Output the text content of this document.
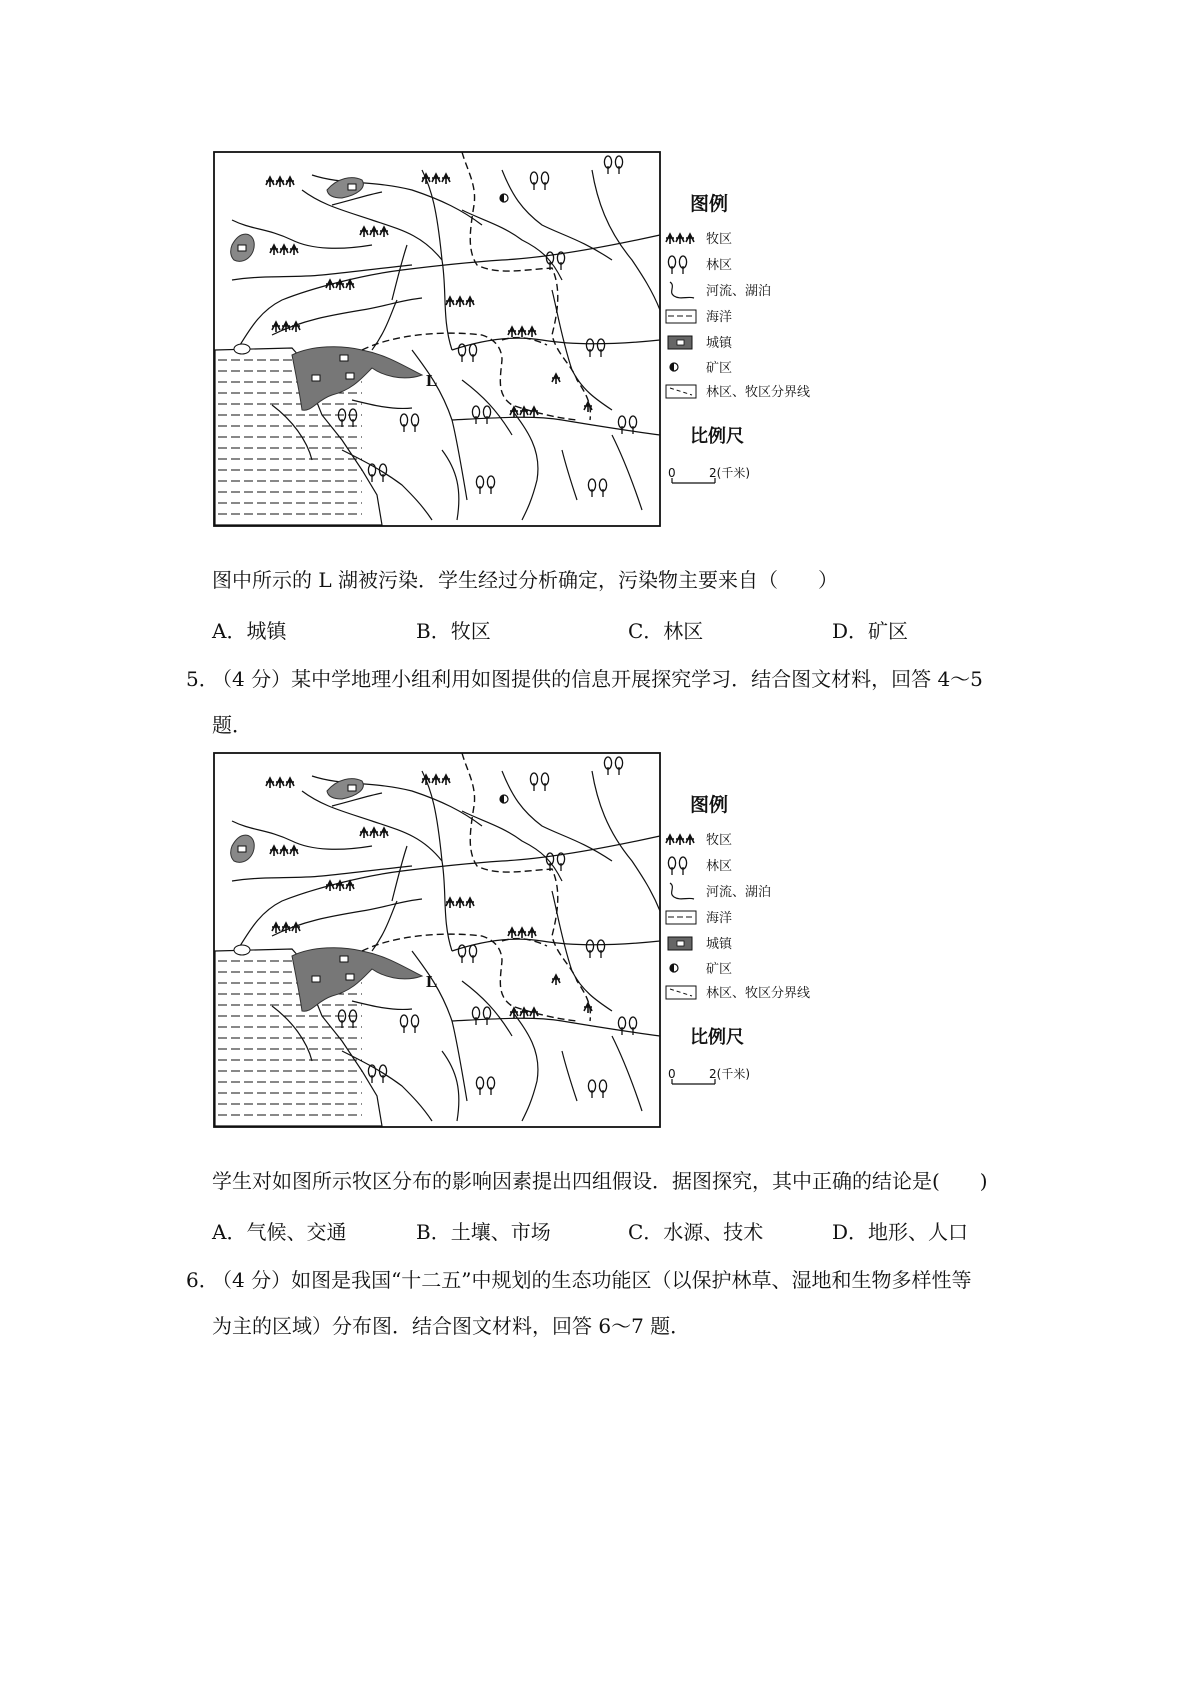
L
图例
牧区
林区
河流、湖泊
海洋
城镇
矿区
林区、牧区分界线
比例尺
0	2(千米)
图中所示的 L 湖被污染．学生经过分析确定，污染物主要来自（　　）
A．城镇	B．牧区	C．林区	D．矿区
5．
（4 分）某中学地理小组利用如图提供的信息开展探究学习．结合图文材料，回答 4～5
题．
L
图例
牧区
林区
河流、湖泊
海洋
城镇
矿区
林区、牧区分界线
比例尺
0	2(千米)
学生对如图所示牧区分布的影响因素提出四组假设．据图探究，其中正确的结论是(　　)
A．气候、交通	B．土壤、市场	C．水源、技术	D．地形、人口
6．
（4 分）如图是我国“十二五”中规划的生态功能区（以保护林草、湿地和生物多样性等
为主的区域）分布图．结合图文材料，回答 6～7 题．
